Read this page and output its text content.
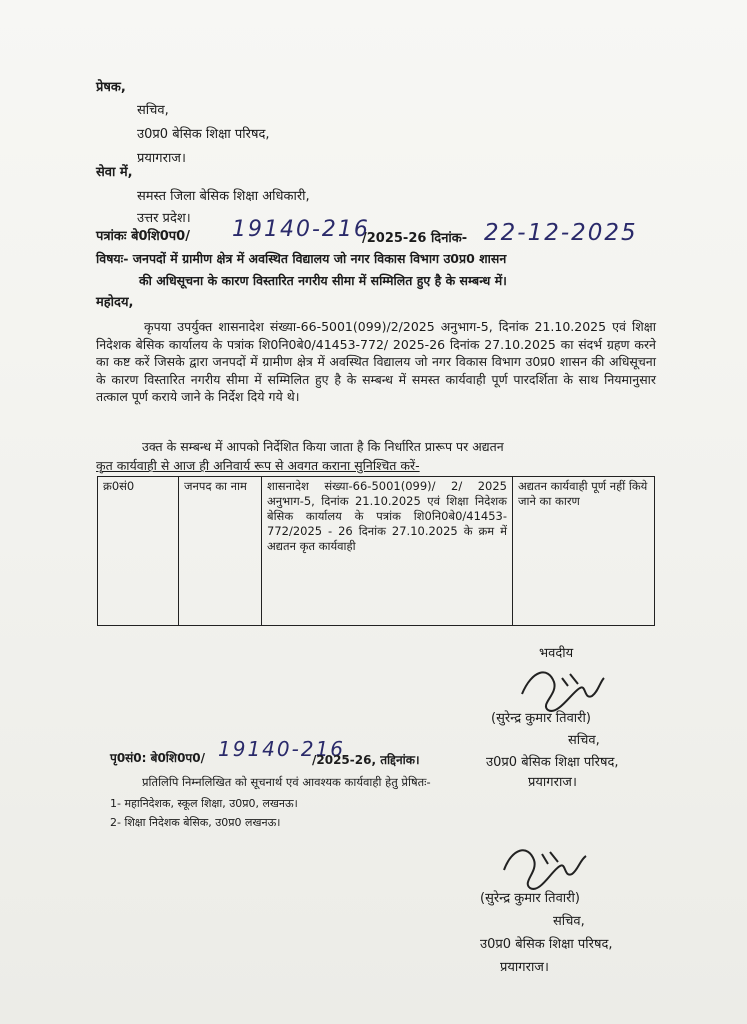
प्रेषक,
सचिव,
उ0प्र0 बेसिक शिक्षा परिषद,
प्रयागराज।
सेवा में,
समस्त जिला बेसिक शिक्षा अधिकारी,
उत्तर प्रदेश।
पत्रांकः बे0शि0प0/ 19140-216
/2025-26 दिनांक- 22-12-2025
विषयः- जनपदों में ग्रामीण क्षेत्र में अवस्थित विद्यालय जो नगर विकास विभाग उ0प्र0 शासन
की अधिसूचना के कारण विस्तारित नगरीय सीमा में सम्मिलित हुए है के सम्बन्ध में।
महोदय,
कृपया उपर्युक्त शासनादेश संख्या-66-5001(099)/2/2025 अनुभाग-5, दिनांक 21.10.2025 एवं शिक्षा निदेशक बेसिक कार्यालय के पत्रांक शि0नि0बे0/41453-772/ 2025-26 दिनांक 27.10.2025 का संदर्भ ग्रहण करने का कष्ट करें जिसके द्वारा जनपदों में ग्रामीण क्षेत्र में अवस्थित विद्यालय जो नगर विकास विभाग उ0प्र0 शासन की अधिसूचना के कारण विस्तारित नगरीय सीमा में सम्मिलित हुए है के सम्बन्ध में समस्त कार्यवाही पूर्ण पारदर्शिता के साथ नियमानुसार तत्काल पूर्ण कराये जाने के निर्देश दिये गये थे।
उक्त के सम्बन्ध में आपको निर्देशित किया जाता है कि निर्धारित प्रारूप पर अद्यतन
कृत कार्यवाही से आज ही अनिवार्य रूप से अवगत कराना सुनिश्चित करें-
क्र0सं0	जनपद का नाम	शासनादेश संख्या-66-5001(099)/ 2/ 2025 अनुभाग-5, दिनांक 21.10.2025 एवं शिक्षा निदेशक बेसिक कार्यालय के पत्रांक शि0नि0बे0/41453- 772/2025 - 26 दिनांक 27.10.2025 के क्रम में अद्यतन कृत कार्यवाही	अद्यतन कार्यवाही पूर्ण नहीं किये जाने का कारण
भवदीय
(सुरेन्द्र कुमार तिवारी)
सचिव,
उ0प्र0 बेसिक शिक्षा परिषद,
प्रयागराज।
पृ0सं0: बे0शि0प0/ 19140-216
/2025-26, तद्दिनांक।
प्रतिलिपि निम्नलिखित को सूचनार्थ एवं आवश्यक कार्यवाही हेतु प्रेषितः-
1- महानिदेशक, स्कूल शिक्षा, उ0प्र0, लखनऊ।
2- शिक्षा निदेशक बेसिक, उ0प्र0 लखनऊ।
(सुरेन्द्र कुमार तिवारी)
सचिव,
उ0प्र0 बेसिक शिक्षा परिषद,
प्रयागराज।
